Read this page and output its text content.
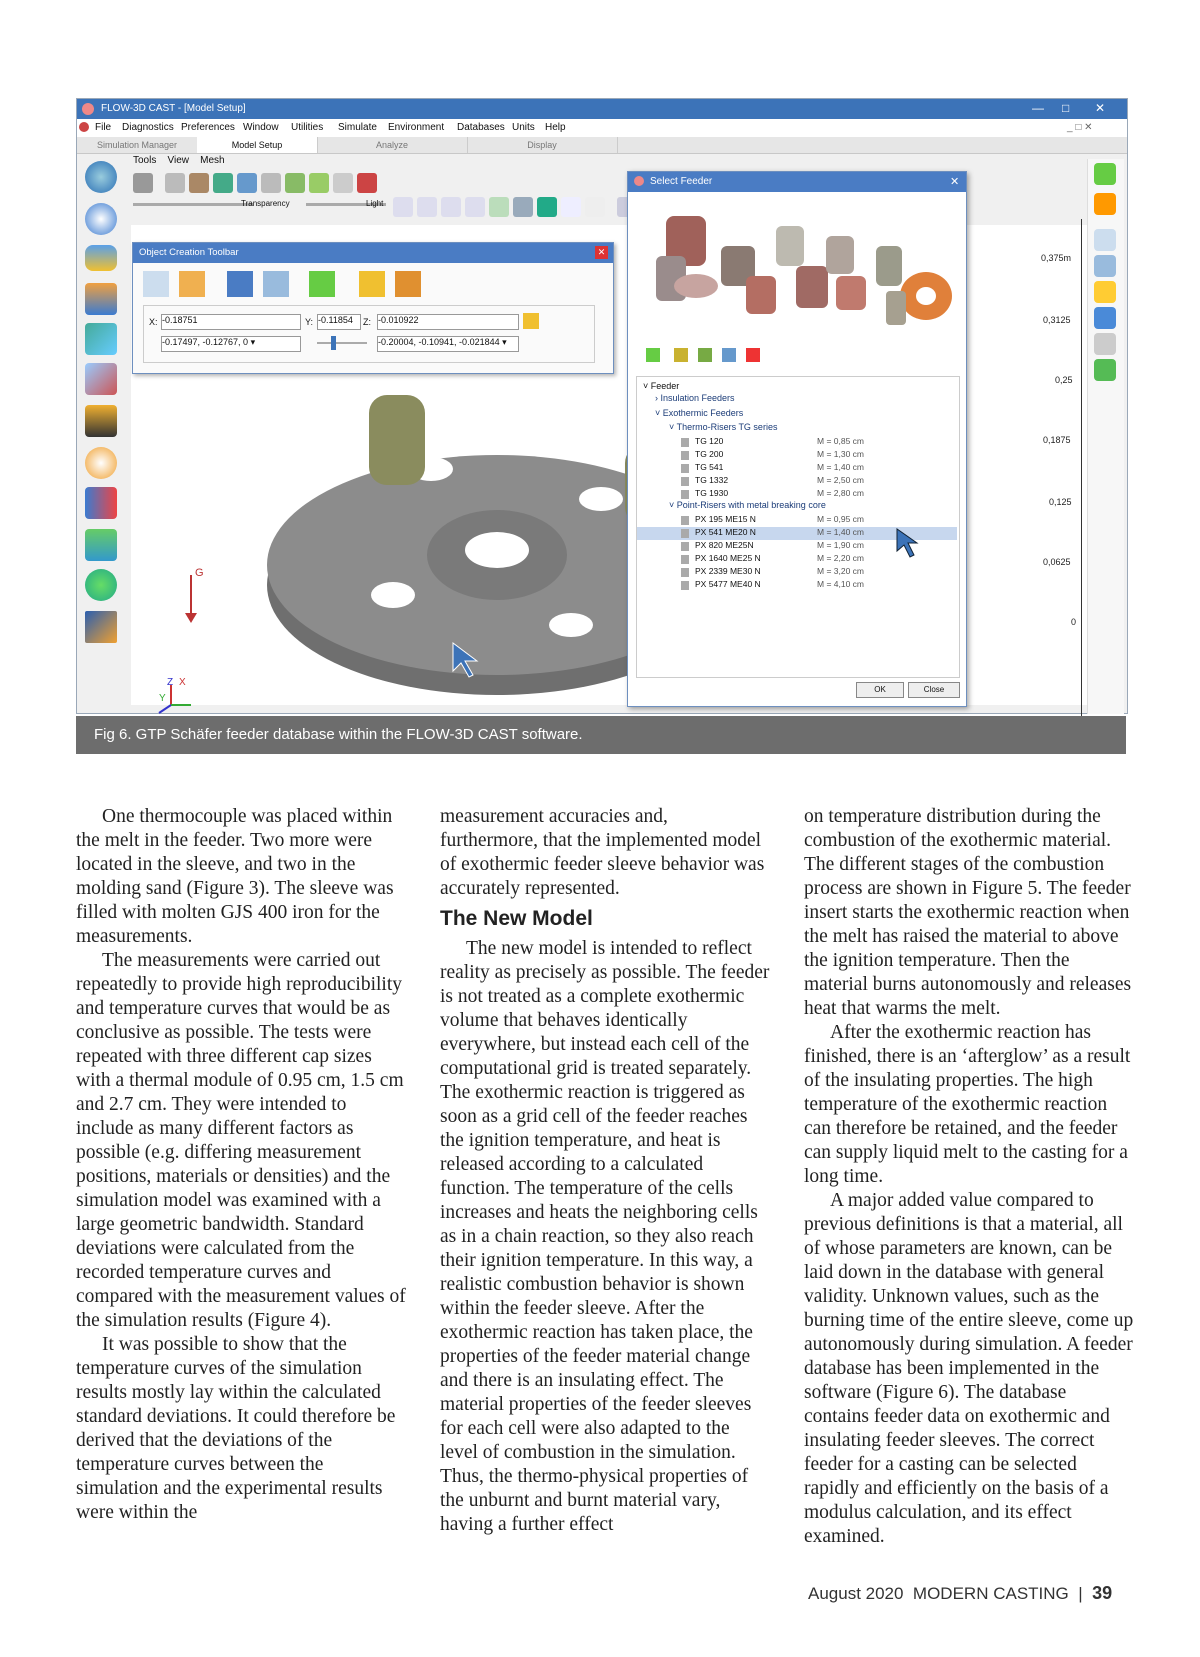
FLOW-3D CAST - [Model Setup]	— □ ✕
File Diagnostics Preferences Window Utilities Simulate Environment Databases Units Help	_ □ ✕
Simulation Manager	Model Setup	Analyze	Display
Tools View Mesh
Transparency	Light
G
Y
Z X
0,375m
0,3125
0,25
0,1875
0,125
0,0625
0
Object Creation Toolbar	✕
X: -0.18751	Y: -0.11854	Z: -0.010922
-0.17497, -0.12767, 0 ▾	-0.20004, -0.10941, -0.021844 ▾
Select Feeder	✕
˅ Feeder
› Insulation Feeders
˅ Exothermic Feeders
˅ Thermo-Risers TG series
TG 120	M = 0,85 cm
TG 200	M = 1,30 cm
TG 541	M = 1,40 cm
TG 1332	M = 2,50 cm
TG 1930	M = 2,80 cm
˅ Point-Risers with metal breaking core
PX 195 ME15 N	M = 0,95 cm
PX 541 ME20 N	M = 1,40 cm
PX 820 ME25N	M = 1,90 cm
PX 1640 ME25 N	M = 2,20 cm
PX 2339 ME30 N	M = 3,20 cm
PX 5477 ME40 N	M = 4,10 cm
OK	Close
Fig 6. GTP Schäfer feeder database within the FLOW-3D CAST software.

One thermocouple was placed within the melt in the feeder. Two more were located in the sleeve, and two in the molding sand (Figure 3). The sleeve was filled with molten GJS 400 iron for the measurements.

The measurements were carried out repeatedly to provide high reproducibility and temperature curves that would be as conclusive as possible. The tests were repeated with three different cap sizes with a thermal module of 0.95 cm, 1.5 cm and 2.7 cm. They were intended to include as many different factors as possible (e.g. differing measurement positions, materials or densities) and the simulation model was examined with a large geometric bandwidth. Standard deviations were calculated from the recorded temperature curves and compared with the measurement values of the simulation results (Figure 4).

It was possible to show that the temperature curves of the simulation results mostly lay within the calculated standard deviations. It could therefore be derived that the deviations of the temperature curves between the simulation and the experimental results were within the

measurement accuracies and, furthermore, that the implemented model of exothermic feeder sleeve behavior was accurately represented.

The New Model

The new model is intended to reflect reality as precisely as possible. The feeder is not treated as a complete exothermic volume that behaves identically everywhere, but instead each cell of the computational grid is treated separately. The exothermic reaction is triggered as soon as a grid cell of the feeder reaches the ignition temperature, and heat is released according to a calculated function. The temperature of the cells increases and heats the neighboring cells as in a chain reaction, so they also reach their ignition temperature. In this way, a realistic combustion behavior is shown within the feeder sleeve. After the exothermic reaction has taken place, the properties of the feeder material change and there is an insulating effect. The material properties of the feeder sleeves for each cell were also adapted to the level of combustion in the simulation. Thus, the thermo-physical properties of the unburnt and burnt material vary, having a further effect

on temperature distribution during the combustion of the exothermic material. The different stages of the combustion process are shown in Figure 5. The feeder insert starts the exothermic reaction when the melt has raised the material to above the ignition temperature. Then the material burns autonomously and releases heat that warms the melt.

After the exothermic reaction has finished, there is an ‘afterglow’ as a result of the insulating properties. The high temperature of the exothermic reaction can therefore be retained, and the feeder can supply liquid melt to the casting for a long time.

A major added value compared to previous definitions is that a material, all of whose parameters are known, can be laid down in the database with general validity. Unknown values, such as the burning time of the entire sleeve, come up autonomously during simulation. A feeder database has been implemented in the software (Figure 6). The database contains feeder data on exothermic and insulating feeder sleeves. The correct feeder for a casting can be selected rapidly and efficiently on the basis of a modulus calculation, and its effect examined.

August 2020 MODERN CASTING  |  39
